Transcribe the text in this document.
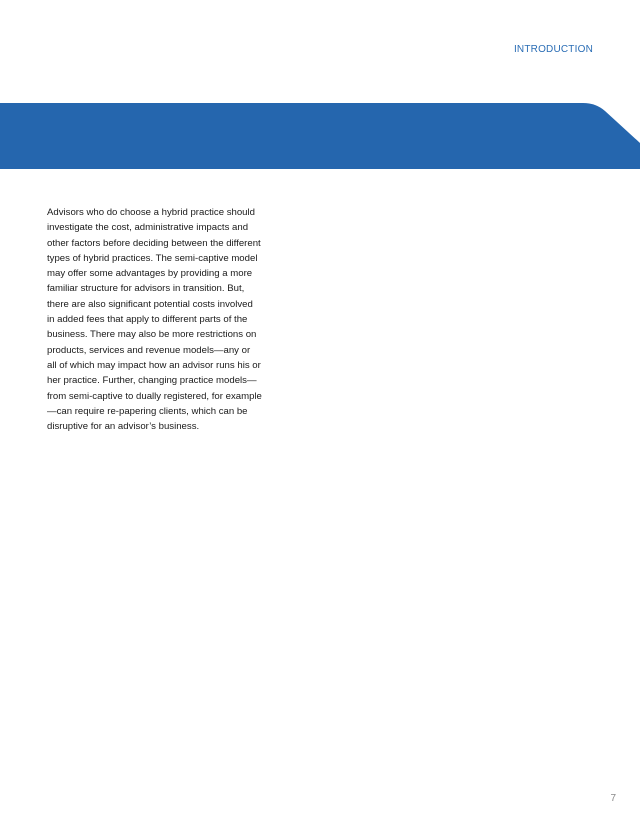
INTRODUCTION

Advisors who do choose a hybrid practice should investigate the cost, administrative impacts and other factors before deciding between the different types of hybrid practices. The semi-captive model may offer some advantages by providing a more familiar structure for advisors in transition. But, there are also significant potential costs involved in added fees that apply to different parts of the business. There may also be more restrictions on products, services and revenue models—any or all of which may impact how an advisor runs his or her practice. Further, changing practice models—from semi-captive to dually registered, for example—can require re-papering clients, which can be disruptive for an advisor’s business.

7
